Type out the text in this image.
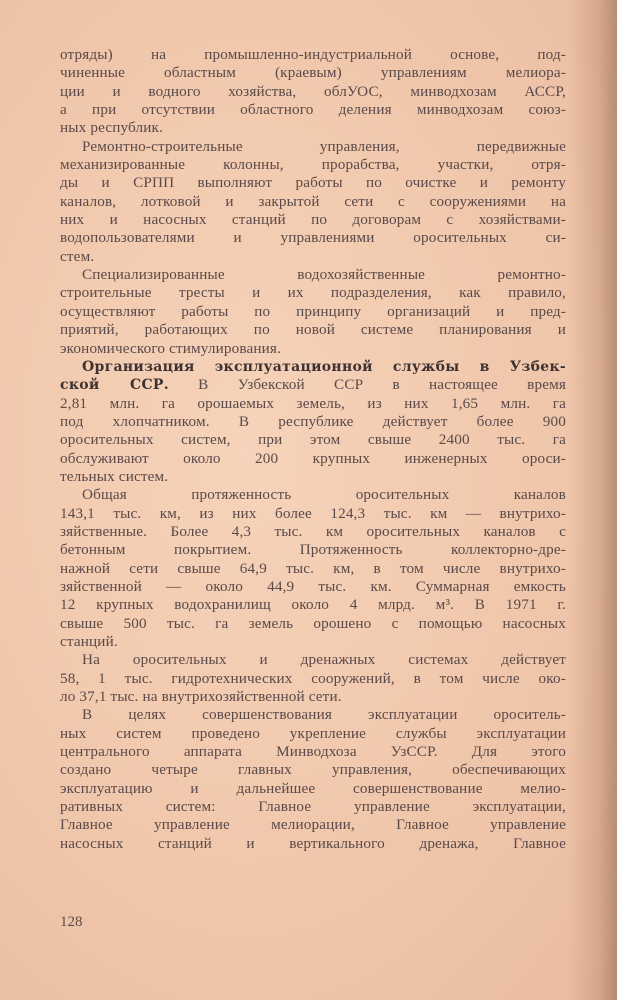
отряды) на промышленно-индустриальной основе, под-
чиненные областным (краевым) управлениям мелиора-
ции и водного хозяйства, облУОС, минводхозам АССР,
а при отсутствии областного деления минводхозам союз-
ных республик.
Ремонтно-строительные управления, передвижные
механизированные колонны, прорабства, участки, отря-
ды и СРПП выполняют работы по очистке и ремонту
каналов, лотковой и закрытой сети с сооружениями на
них и насосных станций по договорам с хозяйствами-
водопользователями и управлениями оросительных си-
стем.
Специализированные водохозяйственные ремонтно-
строительные тресты и их подразделения, как правило,
осуществляют работы по принципу организаций и пред-
приятий, работающих по новой системе планирования и
экономического стимулирования.
Организация эксплуатационной службы в Узбек-
ской ССР. В Узбекской ССР в настоящее время
2,81 млн. га орошаемых земель, из них 1,65 млн. га
под хлопчатником. В республике действует более 900
оросительных систем, при этом свыше 2400 тыс. га
обслуживают около 200 крупных инженерных ороси-
тельных систем.
Общая протяженность оросительных каналов
143,1 тыс. км, из них более 124,3 тыс. км — внутрихо-
зяйственные. Более 4,3 тыс. км оросительных каналов с
бетонным покрытием. Протяженность коллекторно-дре-
нажной сети свыше 64,9 тыс. км, в том числе внутрихо-
зяйственной — около 44,9 тыс. км. Суммарная емкость
12 крупных водохранилищ около 4 млрд. м³. В 1971 г.
свыше 500 тыс. га земель орошено с помощью насосных
станций.
На оросительных и дренажных системах действует
58, 1 тыс. гидротехнических сооружений, в том числе око-
ло 37,1 тыс. на внутрихозяйственной сети.
В целях совершенствования эксплуатации ороситель-
ных систем проведено укрепление службы эксплуатации
центрального аппарата Минводхоза УзССР. Для этого
создано четыре главных управления, обеспечивающих
эксплуатацию и дальнейшее совершенствование мелио-
ративных систем: Главное управление эксплуатации,
Главное управление мелиорации, Главное управление
насосных станций и вертикального дренажа, Главное
128
